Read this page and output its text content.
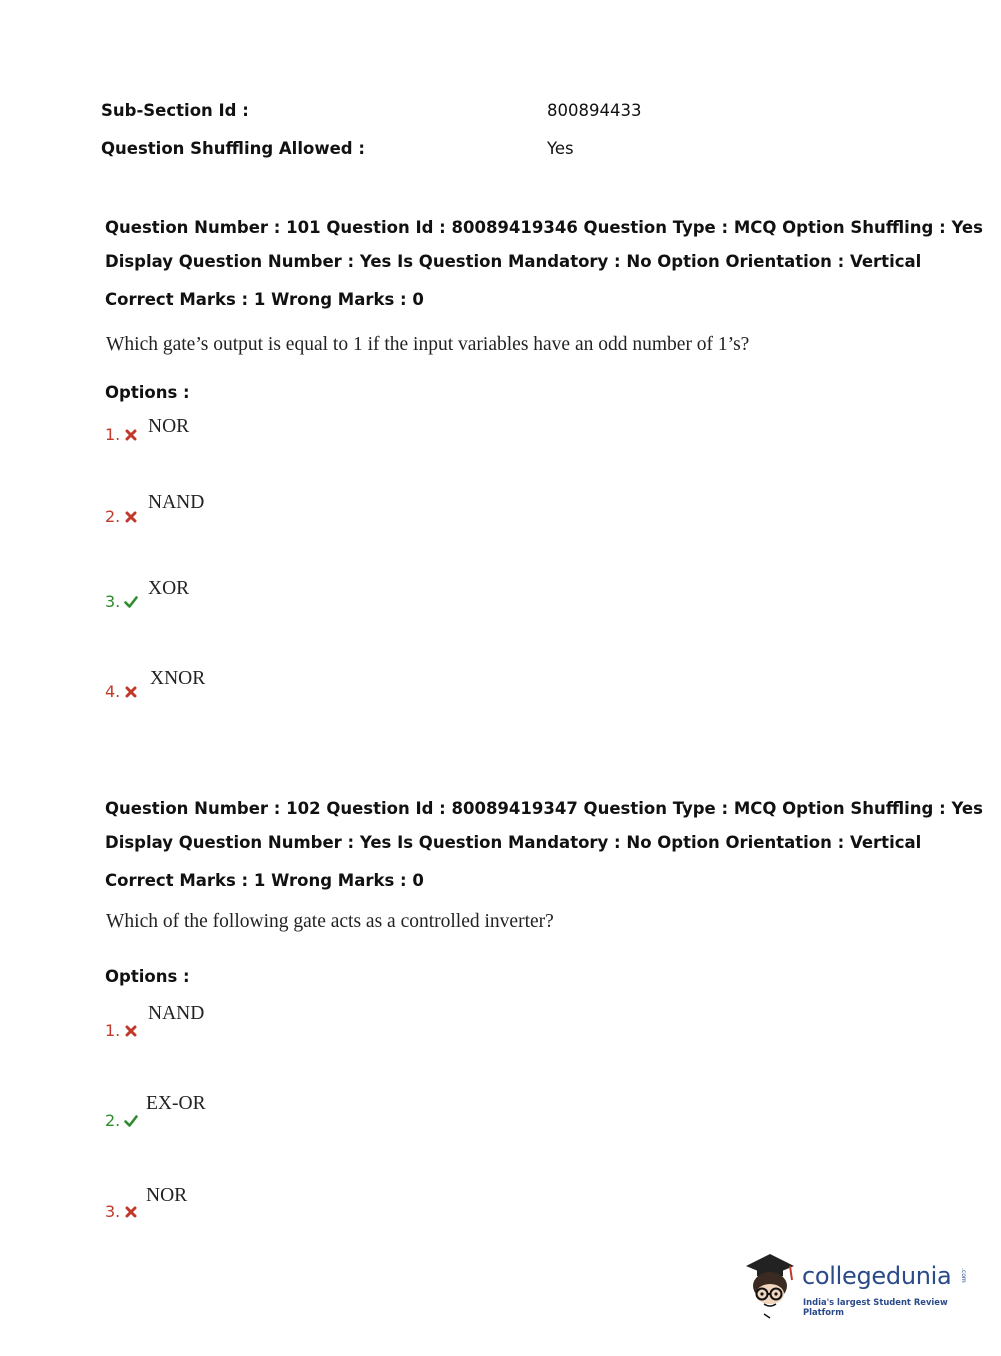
Sub-Section Id :	800894433
Question Shuffling Allowed :	Yes
Question Number : 101 Question Id : 80089419346 Question Type : MCQ Option Shuffling : Yes
Display Question Number : Yes Is Question Mandatory : No Option Orientation : Vertical
Correct Marks : 1 Wrong Marks : 0
Which gate’s output is equal to 1 if the input variables have an odd number of 1’s?
Options :
1. NOR
2.
NAND
3.
XOR
4.
XNOR
Question Number : 102 Question Id : 80089419347 Question Type : MCQ Option Shuffling : Yes
Display Question Number : Yes Is Question Mandatory : No Option Orientation : Vertical
Correct Marks : 1 Wrong Marks : 0
Which of the following gate acts as a controlled inverter?
Options :
1.
NAND
2.
EX-OR
3.
NOR
collegedunia .com
India's largest Student Review Platform
